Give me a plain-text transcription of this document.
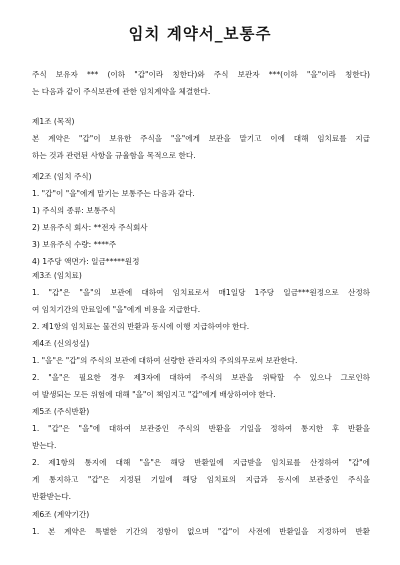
임치 계약서_보통주
주식 보유자 *** (이하 "갑"이라 칭한다)와 주식 보관자 ***(이하 "을"이라 칭한다)
는 다음과 같이 주식보관에 관한 임치계약을 체결한다.
제1조 (목적)
본 계약은 "갑"이 보유한 주식을 "을"에게 보관을 맡기고 이에 대해 임치료를 지급
하는 것과 관련된 사항을 규율함을 목적으로 한다.
제2조 (임치 주식)
1. "갑"이 "을"에게 맡기는 보통주는 다음과 같다.
1) 주식의 종류: 보통주식
2) 보유주식 회사: **전자 주식회사
3) 보유주식 수량: ****주
4) 1주당 액면가: 일금*****원정
제3조 (임치료)
1. "갑"은 "을"의 보관에 대하여 임치료로서 매1일당 1주당 일금***원정으로 산정하
여 임치기간의 만료일에 "을"에게 비용을 지급한다.
2. 제1항의 임치료는 물건의 반환과 동시에 이행 지급하여야 한다.
제4조 (신의성실)
1. "을"은 "갑"의 주식의 보관에 대하여 선량한 관리자의 주의의무로써 보관한다.
2. "을"은 필요한 경우 제3자에 대하여 주식의 보관을 위탁할 수 있으나 그로인하
여 발생되는 모든 위험에 대해 "을"이 책임지고 "갑"에게 배상하여야 한다.
제5조 (주식반환)
1. "갑"은 "을"에 대하여 보관중인 주식의 반환을 기일을 정하여 통지한 후 반환을
받는다.
2. 제1항의 통지에 대해 "을"은 해당 반환일에 지급받을 임치료를 산정하여 "갑"에
게 통지하고 "갑"은 지정된 기일에 해당 임치료의 지급과 동시에 보관중인 주식을
반환받는다.
제6조 (계약기간)
1. 본 계약은 특별한 기간의 정함이 없으며 "갑"이 사전에 반환일을 지정하여 반환
